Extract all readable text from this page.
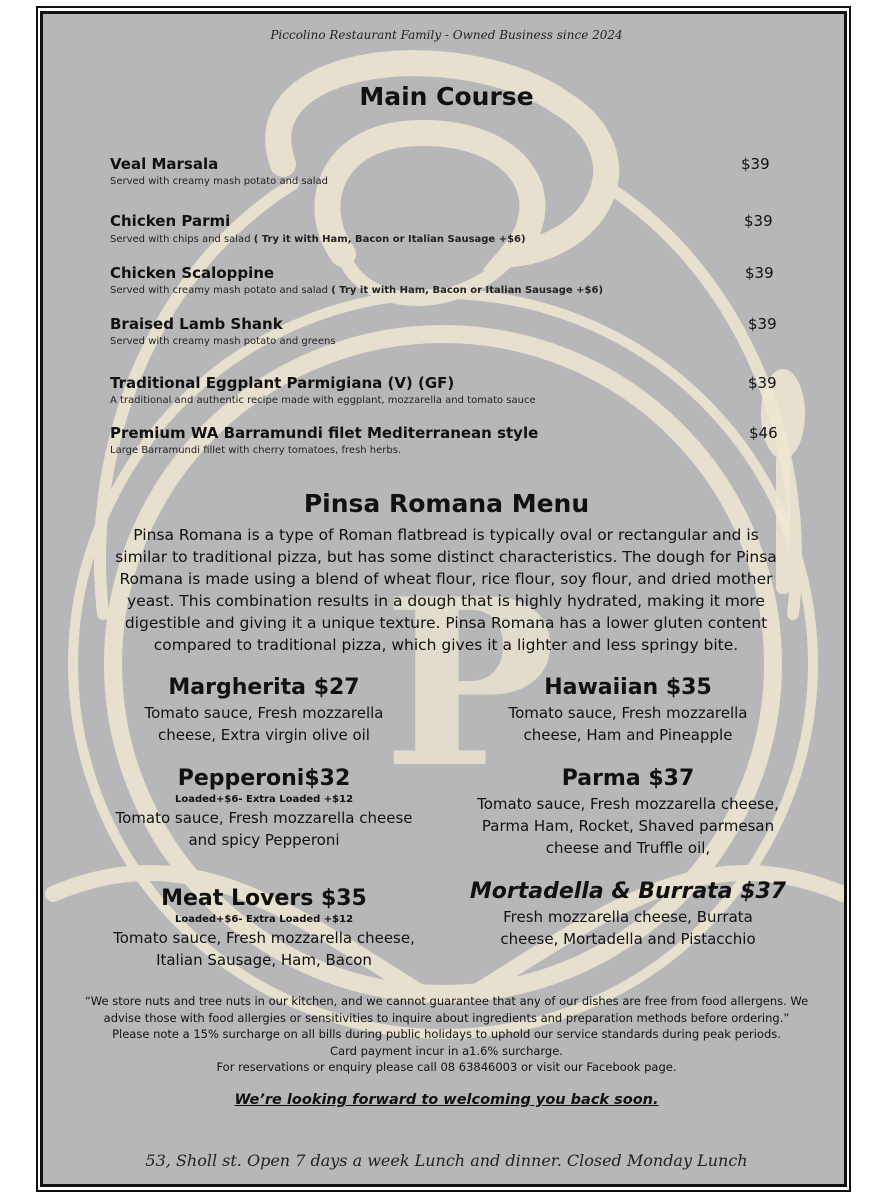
P
Piccolino Restaurant Family - Owned Business since 2024
Main Course
Veal Marsala
Served with creamy mash potato and salad
$39
Chicken Parmi
Served with chips and salad ( Try it with Ham, Bacon or Italian Sausage +$6)
$39
Chicken Scaloppine
Served with creamy mash potato and salad ( Try it with Ham, Bacon or Italian Sausage +$6)
$39
Braised Lamb Shank
Served with creamy mash potato and greens
$39
Traditional Eggplant Parmigiana (V) (GF)
A traditional and authentic recipe made with eggplant, mozzarella and tomato sauce
$39
Premium WA Barramundi filet Mediterranean style
Large Barramundi fillet with cherry tomatoes, fresh herbs.
$46
Pinsa Romana Menu
Pinsa Romana is a type of Roman flatbread is typically oval or rectangular and is similar to traditional pizza, but has some distinct characteristics. The dough for Pinsa Romana is made using a blend of wheat flour, rice flour, soy flour, and dried mother yeast. This combination results in a dough that is highly hydrated, making it more digestible and giving it a unique texture. Pinsa Romana has a lower gluten content compared to traditional pizza, which gives it a lighter and less springy bite.
Margherita $27
Tomato sauce, Fresh mozzarella cheese, Extra virgin olive oil
Pepperoni$32
Loaded+$6- Extra Loaded +$12
Tomato sauce, Fresh mozzarella cheese and spicy Pepperoni
Meat Lovers $35
Loaded+$6- Extra Loaded +$12
Tomato sauce, Fresh mozzarella cheese, Italian Sausage, Ham, Bacon
Hawaiian $35
Tomato sauce, Fresh mozzarella cheese, Ham and Pineapple
Parma $37
Tomato sauce, Fresh mozzarella cheese, Parma Ham, Rocket, Shaved parmesan cheese and Truffle oil,
Mortadella & Burrata $37
Fresh mozzarella cheese, Burrata cheese, Mortadella and Pistacchio
“We store nuts and tree nuts in our kitchen, and we cannot guarantee that any of our dishes are free from food allergens. We advise those with food allergies or sensitivities to inquire about ingredients and preparation methods before ordering.”
Please note a 15% surcharge on all bills during public holidays to uphold our service standards during peak periods.
Card payment incur in a1.6% surcharge.
For reservations or enquiry please call 08 63846003 or visit our Facebook page.
We’re looking forward to welcoming you back soon.
53, Sholl st. Open 7 days a week Lunch and dinner. Closed Monday Lunch
